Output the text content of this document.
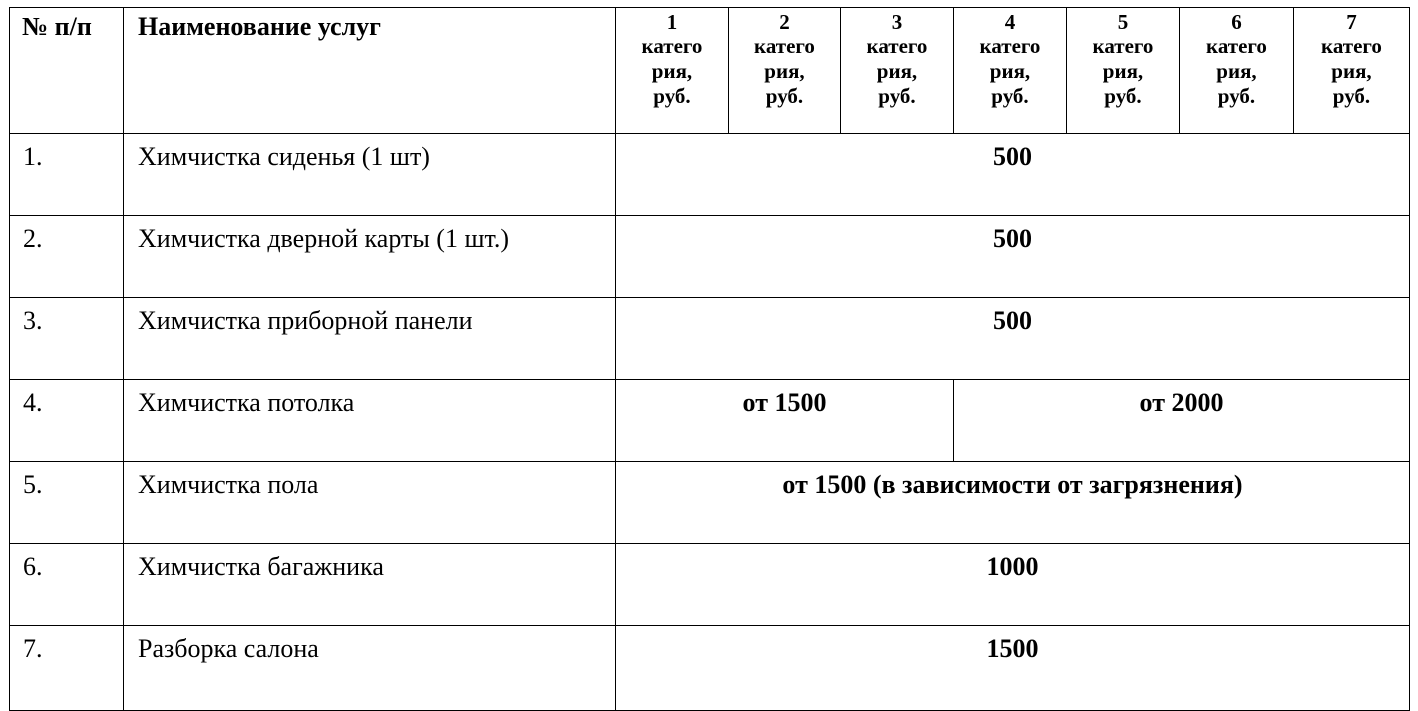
№ п/п	Наименование услуг	1
катего
рия,
руб.	2
катего
рия,
руб.	3
катего
рия,
руб.	4
катего
рия,
руб.	5
катего
рия,
руб.	6
катего
рия,
руб.	7
катего
рия,
руб.

1.	Химчистка сиденья (1 шт)	500						
2.	Химчистка дверной карты (1 шт.)	500						
3.	Химчистка приборной панели	500						
4.	Химчистка потолка	от 1500			от 2000			
5.	Химчистка пола	от 1500 (в зависимости от загрязнения)						
6.	Химчистка багажника	1000						
7.	Разборка салона	1500						
